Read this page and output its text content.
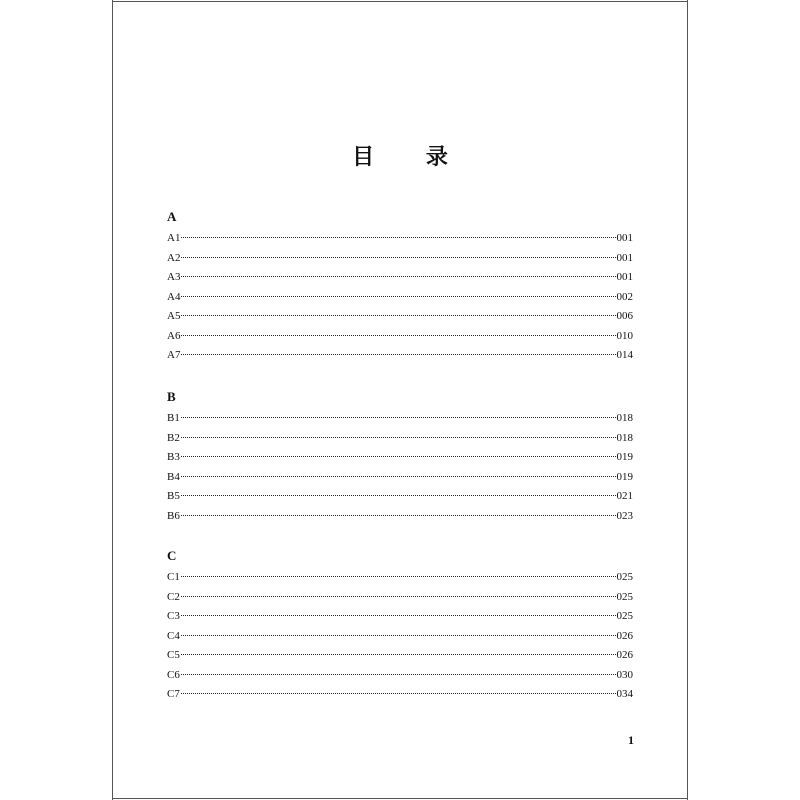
目 录
A
A1	001
A2	001
A3	001
A4	002
A5	006
A6	010
A7	014
B
B1	018
B2	018
B3	019
B4	019
B5	021
B6	023
C
C1	025
C2	025
C3	025
C4	026
C5	026
C6	030
C7	034
1
